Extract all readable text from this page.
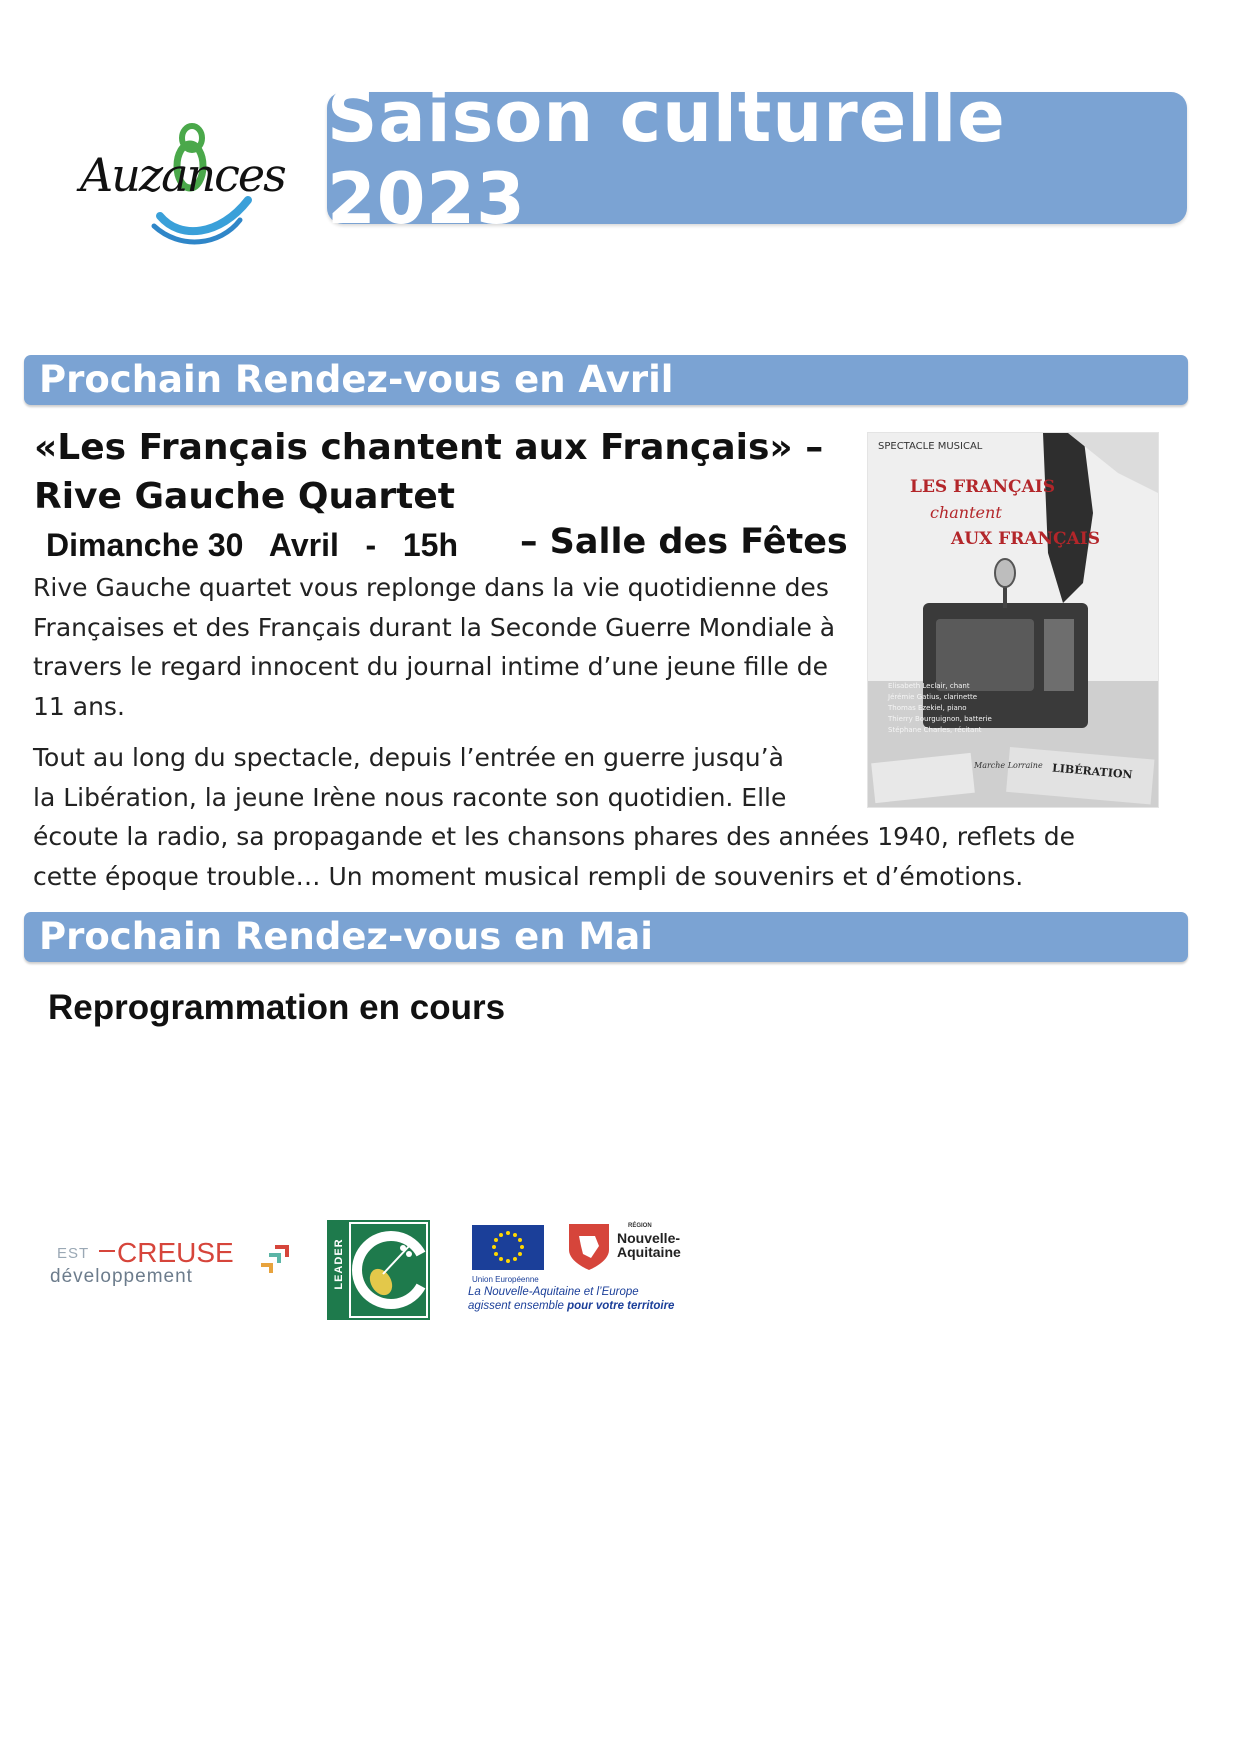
Auzances
Saison culturelle 2023
Prochain Rendez-vous en Avril
«Les Français chantent aux Français» – Rive Gauche Quartet
Dimanche 30   Avril   -   15h – Salle des Fêtes
Rive Gauche quartet vous replonge dans la vie quotidienne des Françaises et des Français durant la Seconde Guerre Mondiale à travers le regard innocent du journal intime d’une jeune fille de 11 ans.
Tout au long du spectacle, depuis l’entrée en guerre jusqu’à
la Libération, la jeune Irène nous raconte son quotidien. Elle
écoute la radio, sa propagande et les chansons phares des années 1940, reflets de
cette époque trouble… Un moment musical rempli de souvenirs et d’émotions.
SPECTACLE MUSICAL
LES FRANÇAIS
chantent
AUX FRANÇAIS
Elisabeth Leclair, chant
Jérémie Gatius, clarinette
Thomas Ezekiel, piano
Thierry Bourguignon, batterie
Stéphane Charles, récitant
Marche Lorraine LIBÉRATION
Prochain Rendez-vous en Mai
Reprogrammation en cours
EST CREUSE
développement	LEADER	Union Européenne
RÉGION
Nouvelle-
Aquitaine
La Nouvelle-Aquitaine et l’Europe
agissent ensemble pour votre territoire
